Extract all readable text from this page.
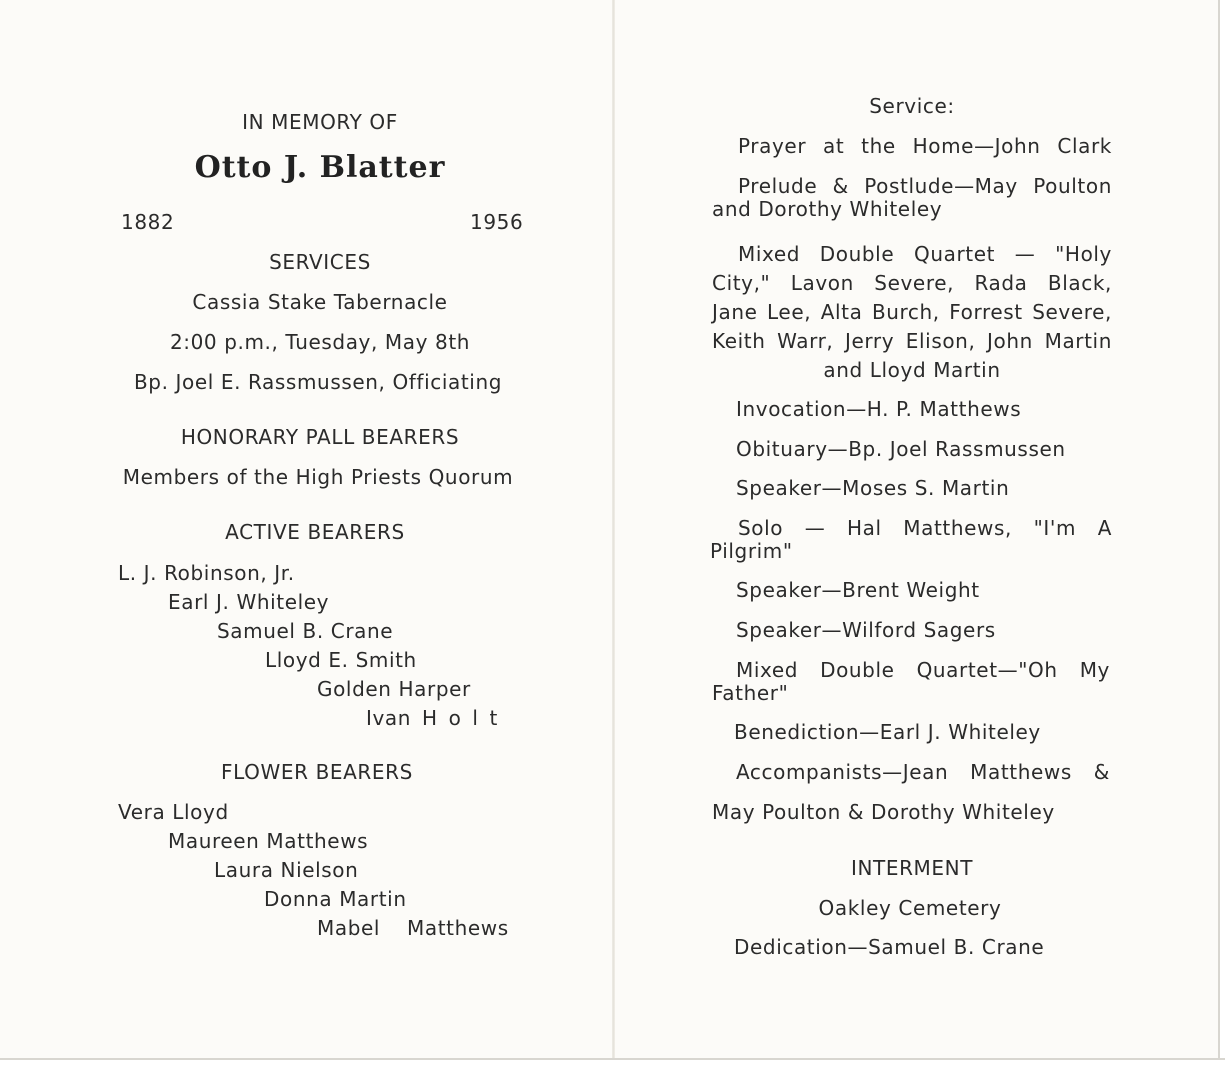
IN MEMORY OF
Otto J. Blatter
1882	1956
SERVICES
Cassia Stake Tabernacle
2:00 p.m., Tuesday, May 8th
Bp. Joel E. Rassmussen, Officiating
HONORARY PALL BEARERS
Members of the High Priests Quorum
ACTIVE BEARERS
L. J. Robinson, Jr.
Earl J. Whiteley
Samuel B. Crane
Lloyd E. Smith
Golden Harper
Ivan H o l t
FLOWER BEARERS
Vera Lloyd
Maureen Matthews
Laura Nielson
Donna Martin
Mabel Matthews
Service:
Prayer at the Home—John Clark
Prelude & Postlude—May Poulton
and Dorothy Whiteley
Mixed Double Quartet — "Holy
City," Lavon Severe, Rada Black,
Jane Lee, Alta Burch, Forrest Severe,
Keith Warr, Jerry Elison, John Martin
and Lloyd Martin
Invocation—H. P. Matthews
Obituary—Bp. Joel Rassmussen
Speaker—Moses S. Martin
Solo — Hal Matthews, "I'm A
Pilgrim"
Speaker—Brent Weight
Speaker—Wilford Sagers
Mixed Double Quartet—"Oh My
Father"
Benediction—Earl J. Whiteley
Accompanists—Jean Matthews &
May Poulton & Dorothy Whiteley
INTERMENT
Oakley Cemetery
Dedication—Samuel B. Crane
